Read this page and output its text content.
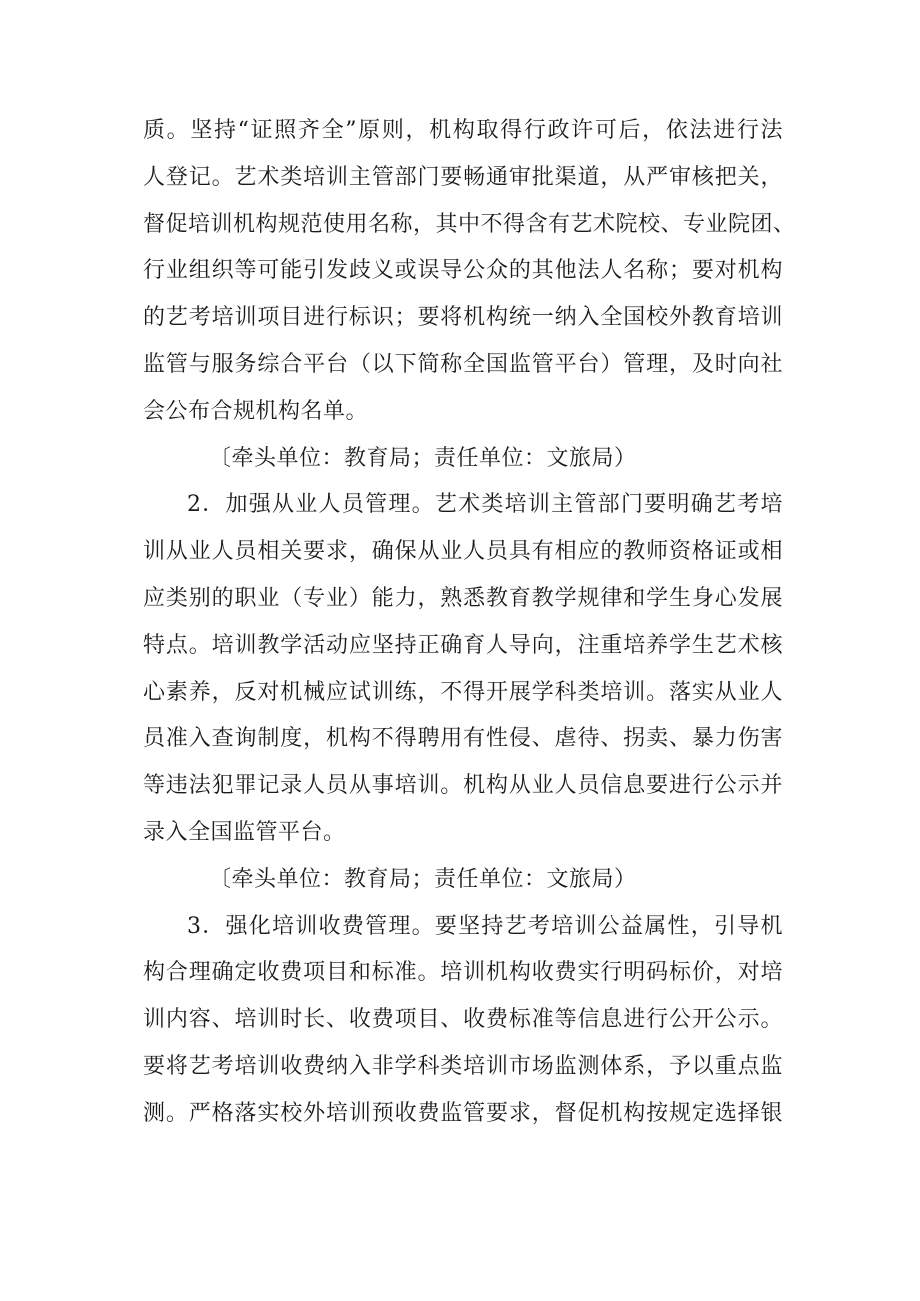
质。坚持“证照齐全”原则，机构取得行政许可后，依法进行法
人登记。艺术类培训主管部门要畅通审批渠道，从严审核把关，
督促培训机构规范使用名称，其中不得含有艺术院校、专业院团、
行业组织等可能引发歧义或误导公众的其他法人名称；要对机构
的艺考培训项目进行标识；要将机构统一纳入全国校外教育培训
监管与服务综合平台（以下简称全国监管平台）管理，及时向社
会公布合规机构名单。
〔牵头单位：教育局；责任单位：文旅局）
2．加强从业人员管理。艺术类培训主管部门要明确艺考培
训从业人员相关要求，确保从业人员具有相应的教师资格证或相
应类别的职业（专业）能力，熟悉教育教学规律和学生身心发展
特点。培训教学活动应坚持正确育人导向，注重培养学生艺术核
心素养，反对机械应试训练，不得开展学科类培训。落实从业人
员准入查询制度，机构不得聘用有性侵、虐待、拐卖、暴力伤害
等违法犯罪记录人员从事培训。机构从业人员信息要进行公示并
录入全国监管平台。
〔牵头单位：教育局；责任单位：文旅局）
3．强化培训收费管理。要坚持艺考培训公益属性，引导机
构合理确定收费项目和标准。培训机构收费实行明码标价，对培
训内容、培训时长、收费项目、收费标准等信息进行公开公示。
要将艺考培训收费纳入非学科类培训市场监测体系，予以重点监
测。严格落实校外培训预收费监管要求，督促机构按规定选择银
